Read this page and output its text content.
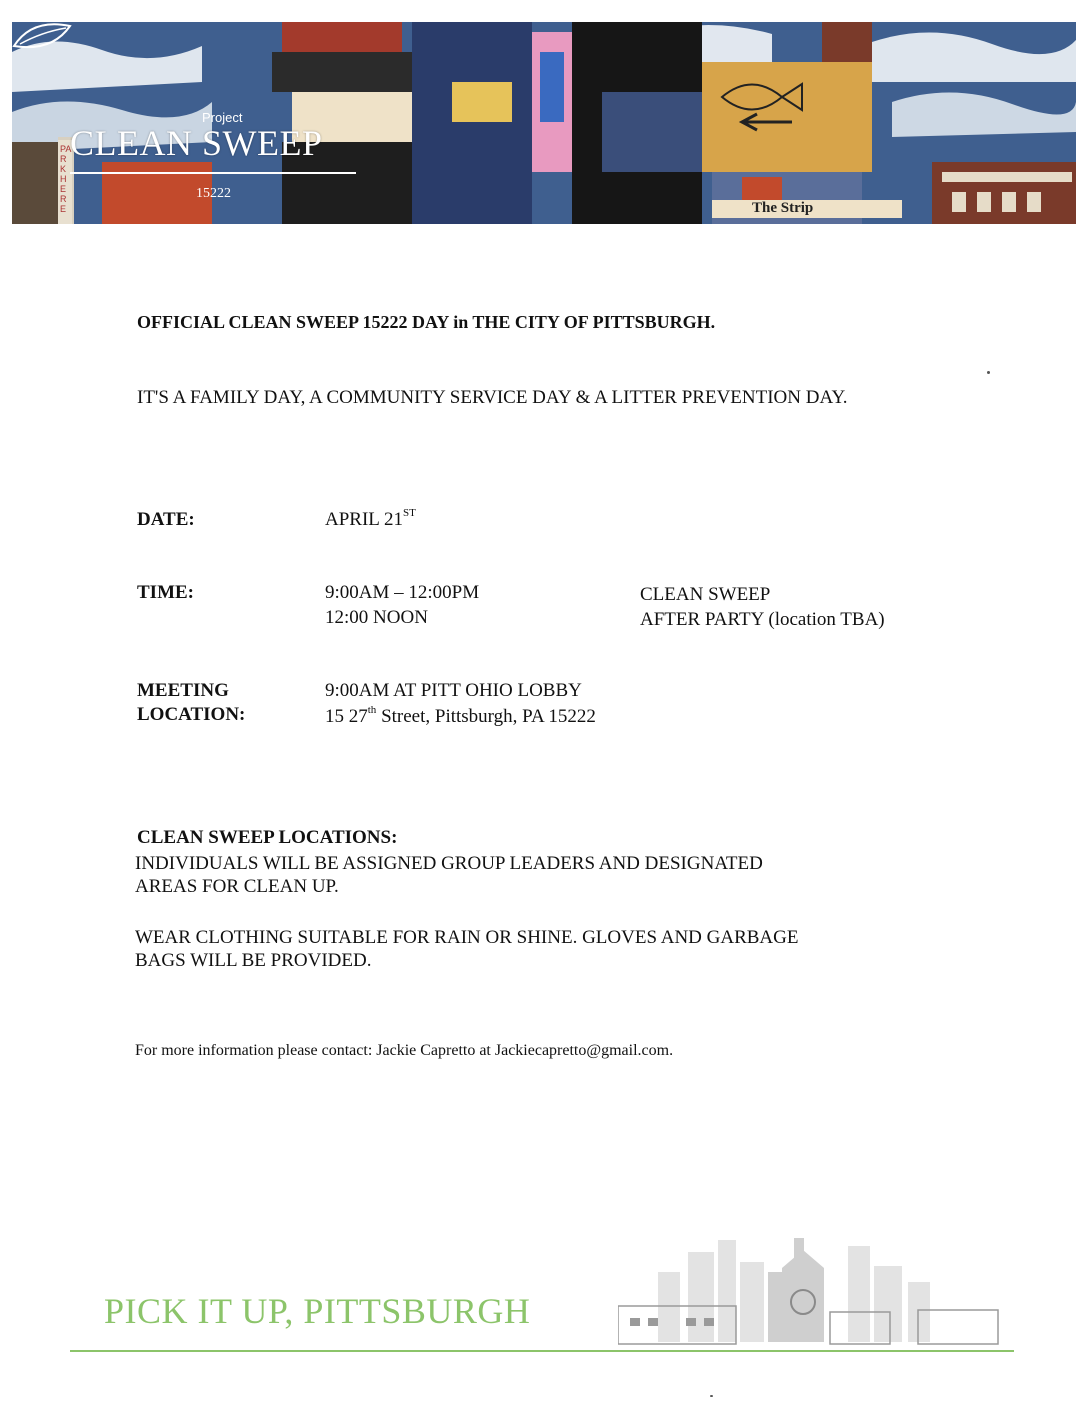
Project
CLEAN SWEEP
15222
PARK HERE	The Strip
OFFICIAL CLEAN SWEEP 15222 DAY in THE CITY OF PITTSBURGH.
IT'S A FAMILY DAY, A COMMUNITY SERVICE DAY & A LITTER PREVENTION DAY.
DATE:	APRIL 21ST
TIME:	9:00AM – 12:00PM	CLEAN SWEEP
12:00 NOON	AFTER PARTY (location TBA)
MEETING
LOCATION:
9:00AM AT PITT OHIO LOBBY
15 27th Street, Pittsburgh, PA 15222
CLEAN SWEEP LOCATIONS:
INDIVIDUALS WILL BE ASSIGNED GROUP LEADERS AND DESIGNATED
AREAS FOR CLEAN UP.
WEAR CLOTHING SUITABLE FOR RAIN OR SHINE. GLOVES AND GARBAGE
BAGS WILL BE PROVIDED.
For more information please contact: Jackie Capretto at Jackiecapretto@gmail.com.
PICK IT UP, PITTSBURGH
